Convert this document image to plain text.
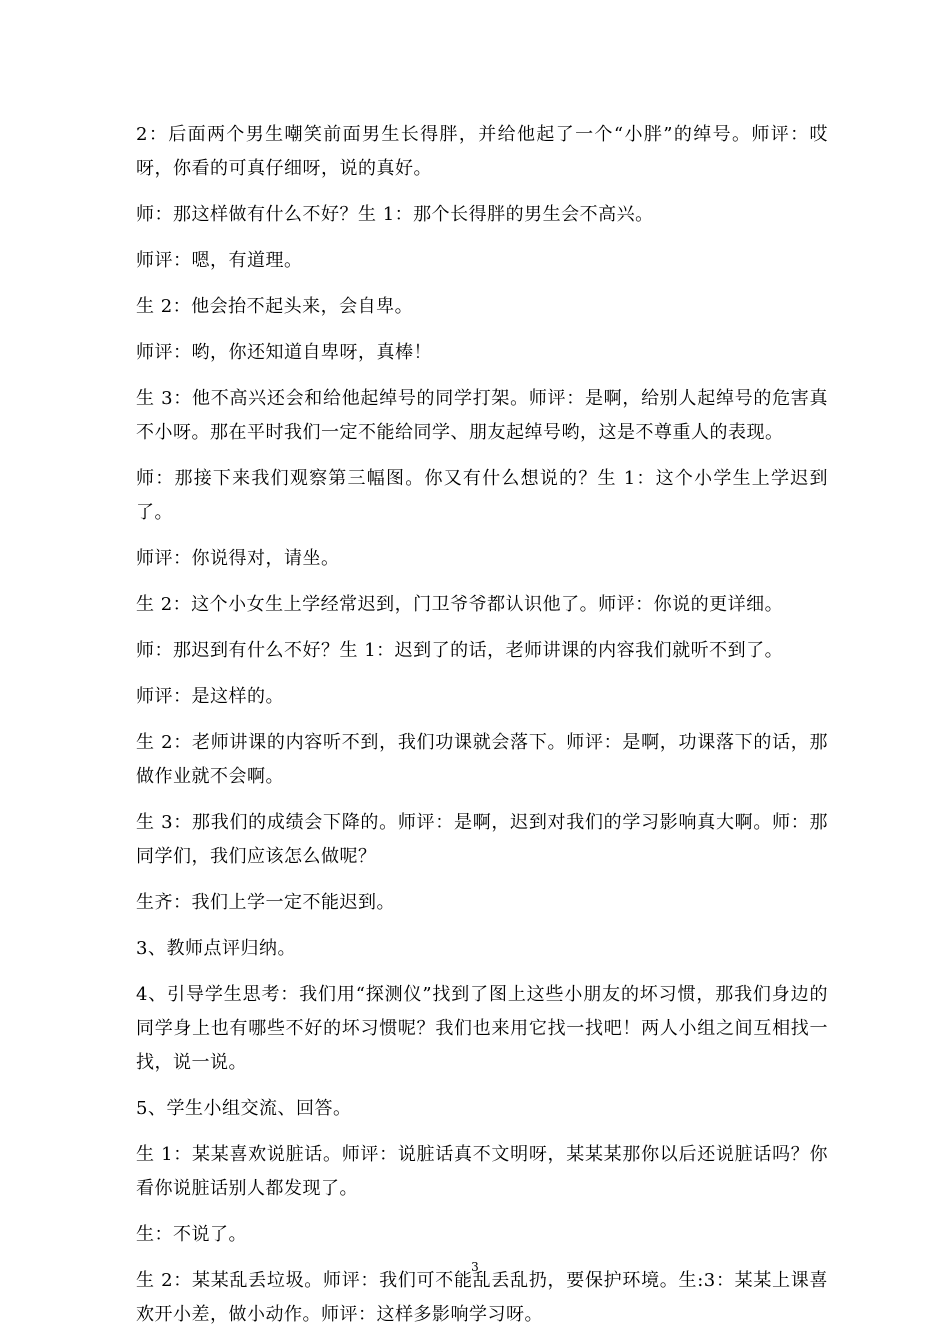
2：后面两个男生嘲笑前面男生长得胖，并给他起了一个“小胖”的绰号。师评：哎呀，你看的可真仔细呀，说的真好。

师：那这样做有什么不好？生 1：那个长得胖的男生会不高兴。

师评：嗯，有道理。

生 2：他会抬不起头来，会自卑。

师评：哟，你还知道自卑呀，真棒！

生 3：他不高兴还会和给他起绰号的同学打架。师评：是啊，给别人起绰号的危害真不小呀。那在平时我们一定不能给同学、朋友起绰号哟，这是不尊重人的表现。

师：那接下来我们观察第三幅图。你又有什么想说的？生 1：这个小学生上学迟到了。

师评：你说得对，请坐。

生 2：这个小女生上学经常迟到，门卫爷爷都认识他了。师评：你说的更详细。

师：那迟到有什么不好？生 1：迟到了的话，老师讲课的内容我们就听不到了。

师评：是这样的。

生 2：老师讲课的内容听不到，我们功课就会落下。师评：是啊，功课落下的话，那做作业就不会啊。

生 3：那我们的成绩会下降的。师评：是啊，迟到对我们的学习影响真大啊。师：那同学们，我们应该怎么做呢？

生齐：我们上学一定不能迟到。

3、教师点评归纳。

4、引导学生思考：我们用“探测仪”找到了图上这些小朋友的坏习惯，那我们身边的同学身上也有哪些不好的坏习惯呢？我们也来用它找一找吧！两人小组之间互相找一找，说一说。

5、学生小组交流、回答。

生 1：某某喜欢说脏话。师评：说脏话真不文明呀，某某某那你以后还说脏话吗？你看你说脏话别人都发现了。

生：不说了。

生 2：某某乱丢垃圾。师评：我们可不能乱丢乱扔，要保护环境。生:3：某某上课喜欢开小差，做小动作。师评：这样多影响学习呀。

3
